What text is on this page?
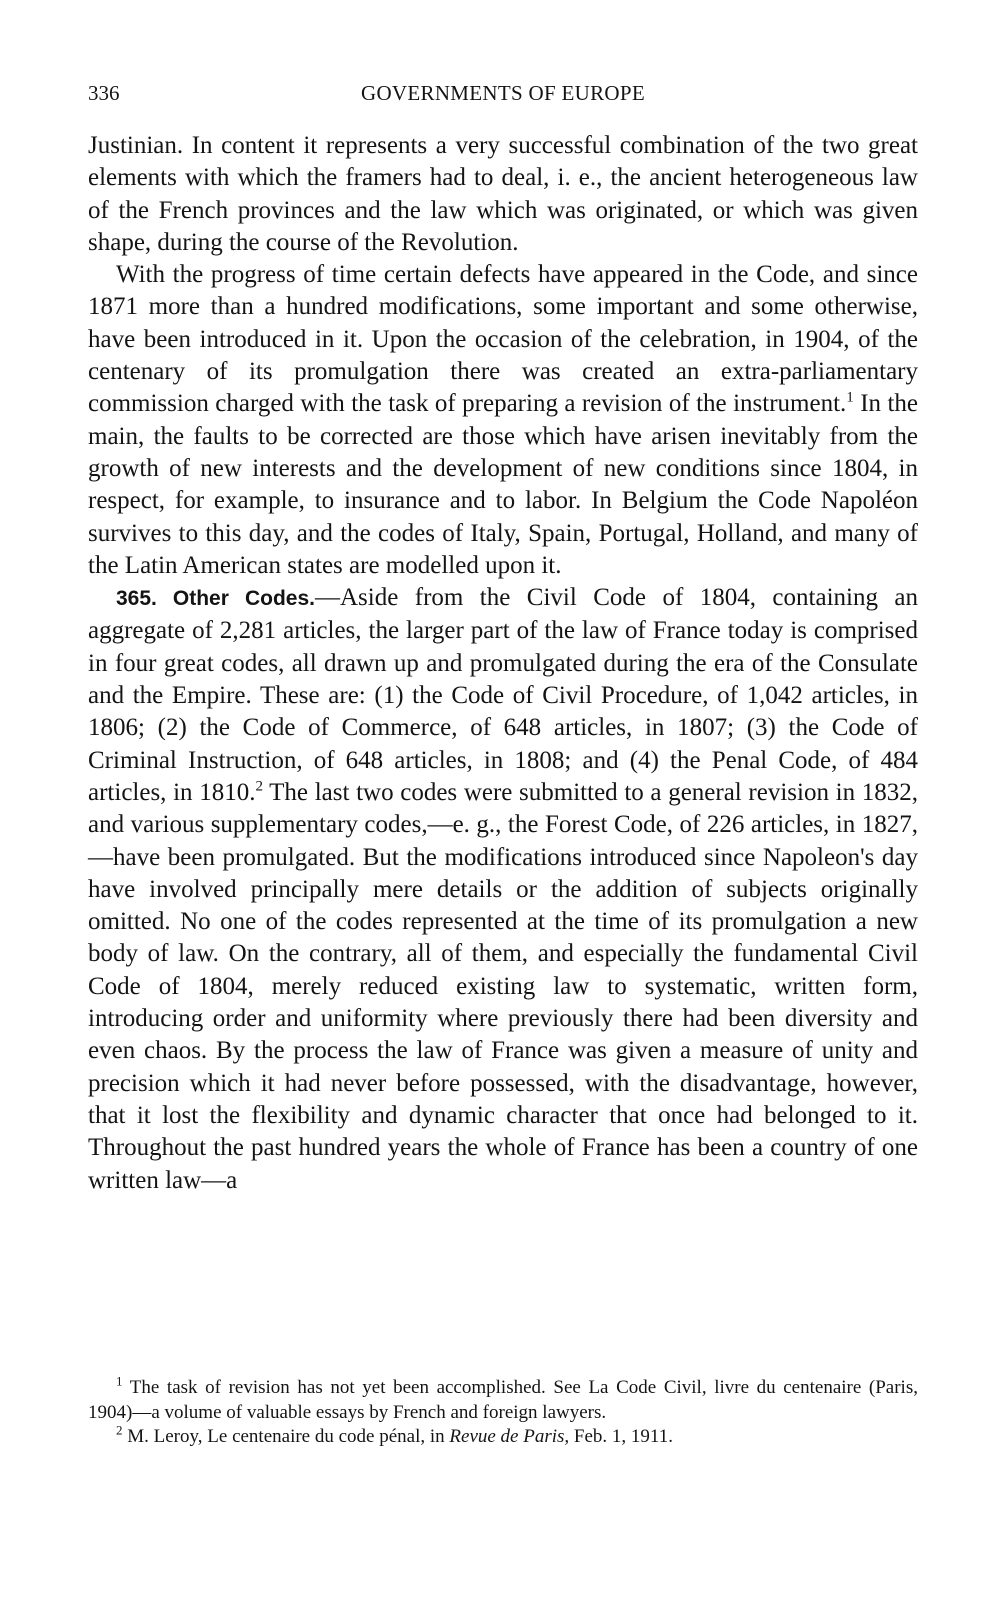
336	GOVERNMENTS OF EUROPE

Justinian. In content it represents a very successful combination of the two great elements with which the framers had to deal, i. e., the ancient heterogeneous law of the French provinces and the law which was originated, or which was given shape, during the course of the Revolution.

With the progress of time certain defects have appeared in the Code, and since 1871 more than a hundred modifications, some important and some otherwise, have been introduced in it. Upon the occasion of the celebration, in 1904, of the centenary of its promulgation there was created an extra-parliamentary commission charged with the task of preparing a revision of the instrument.$^1$ In the main, the faults to be corrected are those which have arisen inevitably from the growth of new interests and the development of new conditions since 1804, in respect, for example, to insurance and to labor. In Belgium the Code Napoléon survives to this day, and the codes of Italy, Spain, Portugal, Holland, and many of the Latin American states are modelled upon it.

365. Other Codes.—Aside from the Civil Code of 1804, containing an aggregate of 2,281 articles, the larger part of the law of France today is comprised in four great codes, all drawn up and promulgated during the era of the Consulate and the Empire. These are: (1) the Code of Civil Procedure, of 1,042 articles, in 1806; (2) the Code of Commerce, of 648 articles, in 1807; (3) the Code of Criminal Instruction, of 648 articles, in 1808; and (4) the Penal Code, of 484 articles, in 1810.$^2$ The last two codes were submitted to a general revision in 1832, and various supplementary codes,—e. g., the Forest Code, of 226 articles, in 1827,—have been promulgated. But the modifications introduced since Napoleon's day have involved principally mere details or the addition of subjects originally omitted. No one of the codes represented at the time of its promulgation a new body of law. On the contrary, all of them, and especially the fundamental Civil Code of 1804, merely reduced existing law to systematic, written form, introducing order and uniformity where previously there had been diversity and even chaos. By the process the law of France was given a measure of unity and precision which it had never before possessed, with the disadvantage, however, that it lost the flexibility and dynamic character that once had belonged to it. Throughout the past hundred years the whole of France has been a country of one written law—a

$^1$ The task of revision has not yet been accomplished. See La Code Civil, livre du centenaire (Paris, 1904)—a volume of valuable essays by French and foreign lawyers.

$^2$ M. Leroy, Le centenaire du code pénal, in Revue de Paris, Feb. 1, 1911.
